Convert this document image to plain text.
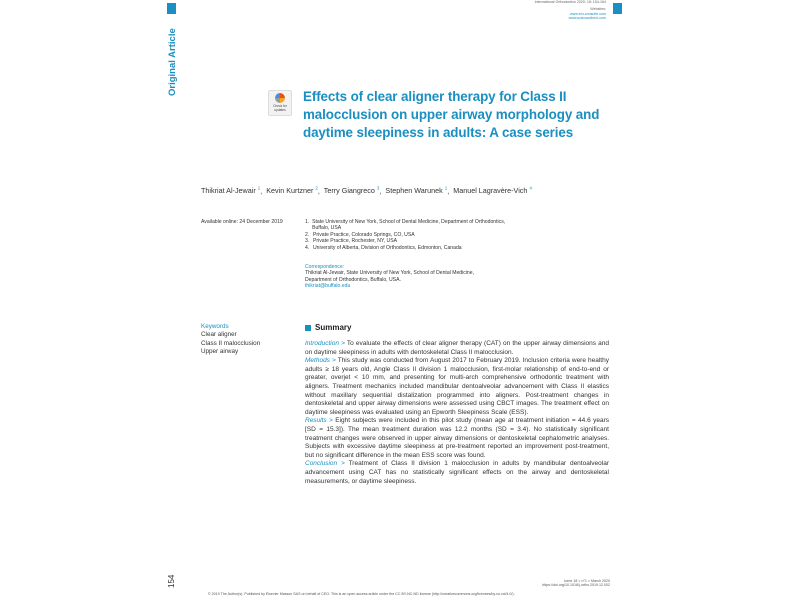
International Orthodontics 2020; 18: 154-164
Websites:
www.em-consulte.com
www.sciencedirect.com
Original Article
Check for
updates
Effects of clear aligner therapy for Class II malocclusion on upper airway morphology and daytime sleepiness in adults: A case series
Thikriat Al-Jewair $^1$,  Kevin Kurtzner $^2$,  Terry Giangreco $^3$,  Stephen Warunek $^1$,  Manuel Lagravère-Vich $^4$
Available online: 24 December 2019	1. State University of New York, School of Dental Medicine, Department of Orthodontics, Buffalo, USA
2. Private Practice, Colorado Springs, CO, USA
3. Private Practice, Rochester, NY, USA
4. University of Alberta, Division of Orthodontics, Edmonton, Canada
Correspondence:
Thikriat Al-Jewair, State University of New York, School of Dental Medicine,
Department of Orthodontics, Buffalo, USA.
thikriat@buffalo.edu
Keywords
Clear aligner
Class II malocclusion
Upper airway
Summary
Introduction > To evaluate the effects of clear aligner therapy (CAT) on the upper airway dimensions and on daytime sleepiness in adults with dentoskeletal Class II malocclusion.
Methods > This study was conducted from August 2017 to February 2019. Inclusion criteria were healthy adults ≥ 18 years old, Angle Class II division 1 malocclusion, first-molar relationship of end-to-end or greater, overjet < 10 mm, and presenting for multi-arch comprehensive orthodontic treatment with aligners. Treatment mechanics included mandibular dentoalveolar advancement with Class II elastics without maxillary sequential distalization programmed into aligners. Post-treatment changes in dentoskeletal and upper airway dimensions were assessed using CBCT images. The treatment effect on daytime sleepiness was evaluated using an Epworth Sleepiness Scale (ESS).
Results > Eight subjects were included in this pilot study (mean age at treatment initiation = 44.6 years [SD = 15.3]). The mean treatment duration was 12.2 months (SD = 3.4). No statistically significant treatment changes were observed in upper airway dimensions or dentoskeletal cephalometric analyses. Subjects with excessive daytime sleepiness at pre-treatment reported an improvement post-treatment, but no significant difference in the mean ESS score was found.
Conclusion > Treatment of Class II division 1 malocclusion in adults by mandibular dentoalveolar advancement using CAT has no statistically significant effects on the airway and dentoskeletal measurements, or daytime sleepiness.
154	tome 18 > n°1 > March 2020
https://doi.org/10.1016/j.ortho.2019.12.002
© 2019 The Author(s). Published by Elsevier Masson SAS on behalf of CEO. This is an open access article under the CC BY-NC-ND license (http://creativecommons.org/licenses/by-nc-nd/4.0/).
